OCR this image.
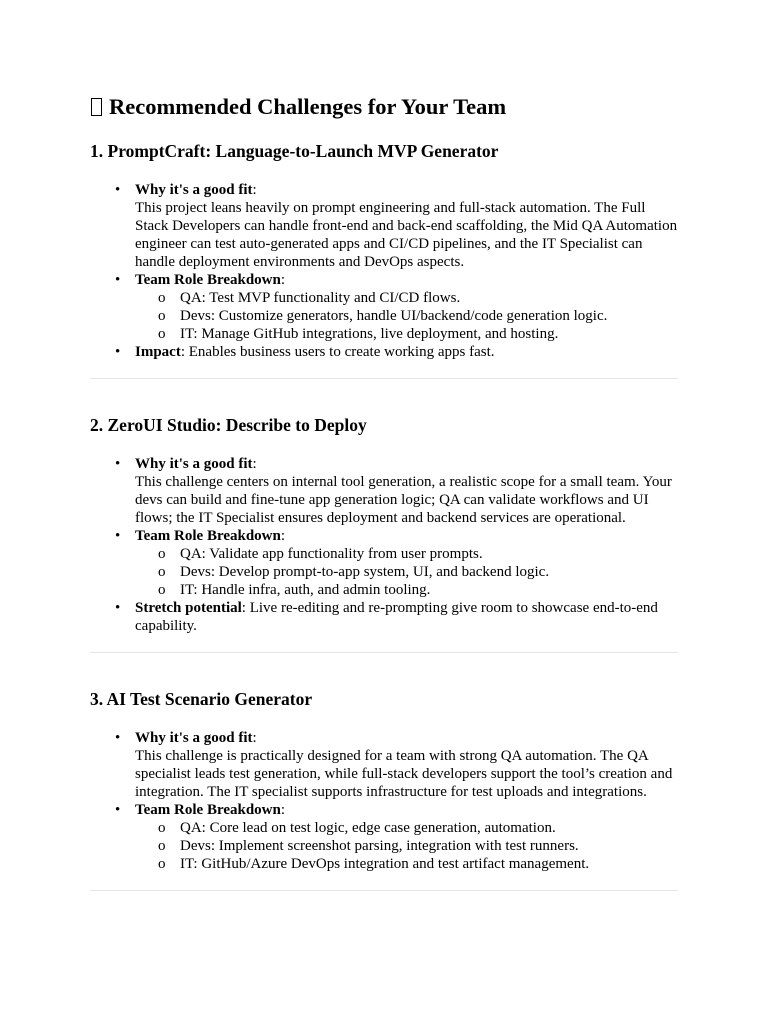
Recommended Challenges for Your Team
1. PromptCraft: Language-to-Launch MVP Generator
• Why it's a good fit:
This project leans heavily on prompt engineering and full-stack automation. The Full Stack Developers can handle front-end and back-end scaffolding, the Mid QA Automation engineer can test auto-generated apps and CI/CD pipelines, and the IT Specialist can handle deployment environments and DevOps aspects.
• Team Role Breakdown:
o QA: Test MVP functionality and CI/CD flows.
o Devs: Customize generators, handle UI/backend/code generation logic.
o IT: Manage GitHub integrations, live deployment, and hosting.
• Impact: Enables business users to create working apps fast.
2. ZeroUI Studio: Describe to Deploy
• Why it's a good fit:
This challenge centers on internal tool generation, a realistic scope for a small team. Your devs can build and fine-tune app generation logic; QA can validate workflows and UI flows; the IT Specialist ensures deployment and backend services are operational.
• Team Role Breakdown:
o QA: Validate app functionality from user prompts.
o Devs: Develop prompt-to-app system, UI, and backend logic.
o IT: Handle infra, auth, and admin tooling.
• Stretch potential: Live re-editing and re-prompting give room to showcase end-to-end capability.
3. AI Test Scenario Generator
• Why it's a good fit:
This challenge is practically designed for a team with strong QA automation. The QA specialist leads test generation, while full-stack developers support the tool’s creation and integration. The IT specialist supports infrastructure for test uploads and integrations.
• Team Role Breakdown:
o QA: Core lead on test logic, edge case generation, automation.
o Devs: Implement screenshot parsing, integration with test runners.
o IT: GitHub/Azure DevOps integration and test artifact management.
